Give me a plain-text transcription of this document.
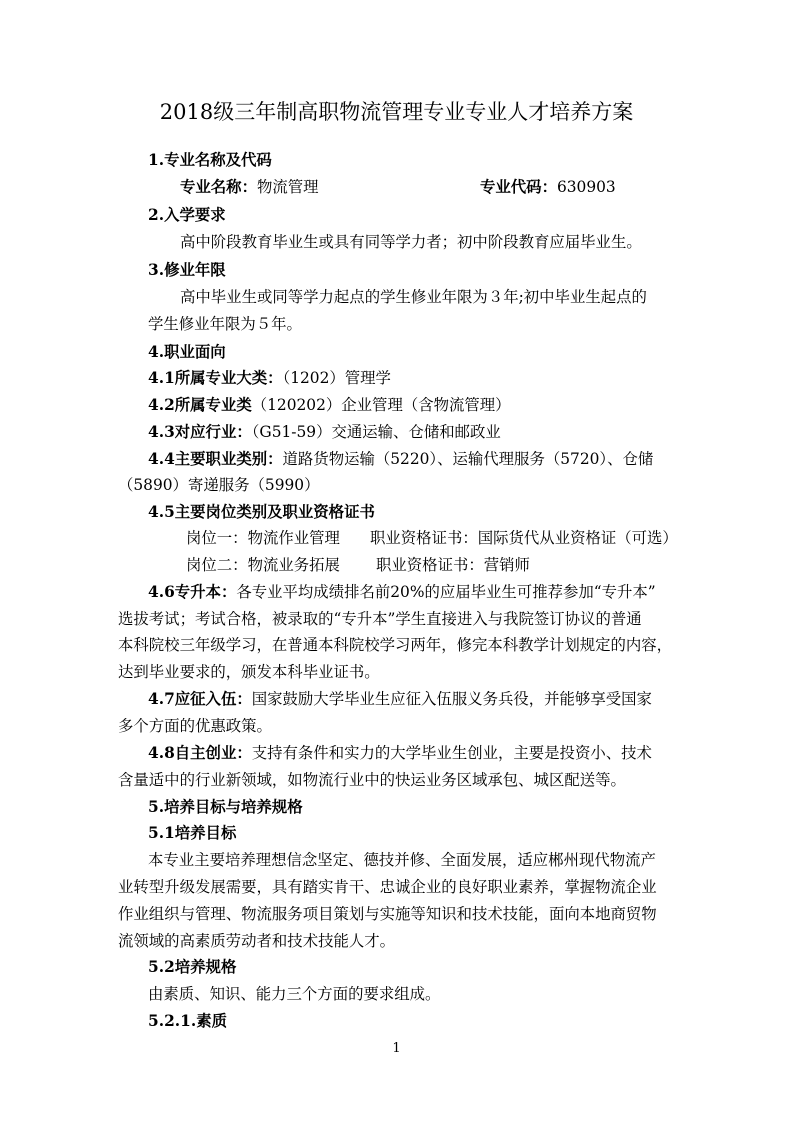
2018级三年制高职物流管理专业专业人才培养方案
1.专业名称及代码
专业名称：物流管理	专业代码：630903
2.入学要求
高中阶段教育毕业生或具有同等学力者；初中阶段教育应届毕业生。
3.修业年限
高中毕业生或同等学力起点的学生修业年限为３年;初中毕业生起点的
学生修业年限为５年。
4.职业面向
4.1所属专业大类：（1202）管理学
4.2所属专业类（120202）企业管理（含物流管理）
4.3对应行业：（G51-59）交通运输、仓储和邮政业
4.4主要职业类别：道路货物运输（5220）、运输代理服务（5720）、仓储
（5890）寄递服务（5990）
4.5主要岗位类别及职业资格证书
岗位一：物流作业管理 职业资格证书：国际货代从业资格证（可选）
岗位二：物流业务拓展 职业资格证书：营销师
4.6专升本：各专业平均成绩排名前20%的应届毕业生可推荐参加“专升本”
选拔考试；考试合格，被录取的“专升本”学生直接进入与我院签订协议的普通
本科院校三年级学习，在普通本科院校学习两年，修完本科教学计划规定的内容，
达到毕业要求的，颁发本科毕业证书。
4.7应征入伍：国家鼓励大学毕业生应征入伍服义务兵役，并能够享受国家
多个方面的优惠政策。
4.8自主创业：支持有条件和实力的大学毕业生创业，主要是投资小、技术
含量适中的行业新领域，如物流行业中的快运业务区域承包、城区配送等。
5.培养目标与培养规格
5.1培养目标
本专业主要培养理想信念坚定、德技并修、全面发展，适应郴州现代物流产
业转型升级发展需要，具有踏实肯干、忠诚企业的良好职业素养，掌握物流企业
作业组织与管理、物流服务项目策划与实施等知识和技术技能，面向本地商贸物
流领域的高素质劳动者和技术技能人才。
5.2培养规格
由素质、知识、能力三个方面的要求组成。
5.2.1.素质
1
